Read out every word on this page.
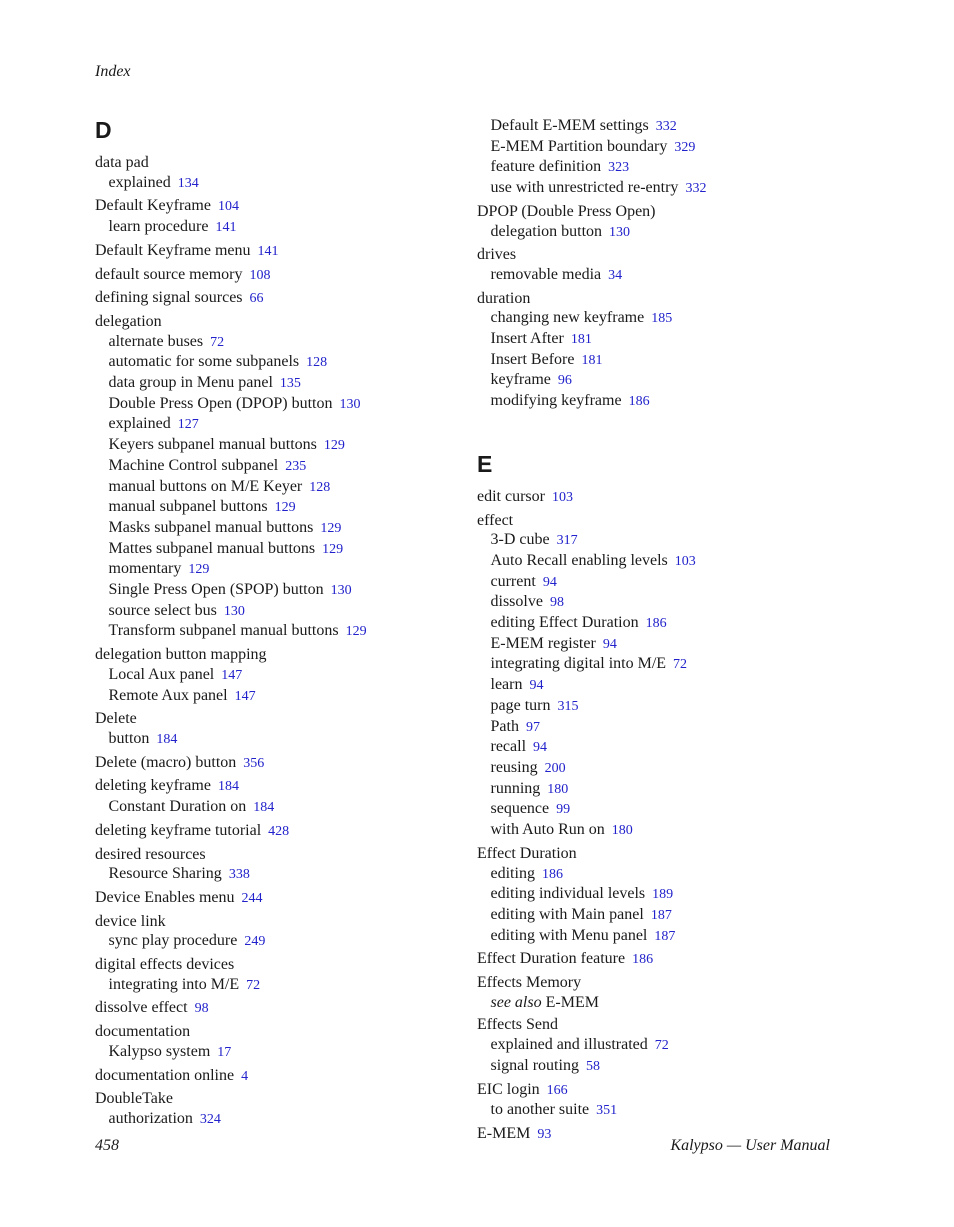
Index
D
data pad
explained 134
Default Keyframe 104
learn procedure 141
Default Keyframe menu 141
default source memory 108
defining signal sources 66
delegation
alternate buses 72
automatic for some subpanels 128
data group in Menu panel 135
Double Press Open (DPOP) button 130
explained 127
Keyers subpanel manual buttons 129
Machine Control subpanel 235
manual buttons on M/E Keyer 128
manual subpanel buttons 129
Masks subpanel manual buttons 129
Mattes subpanel manual buttons 129
momentary 129
Single Press Open (SPOP) button 130
source select bus 130
Transform subpanel manual buttons 129
delegation button mapping
Local Aux panel 147
Remote Aux panel 147
Delete
button 184
Delete (macro) button 356
deleting keyframe 184
Constant Duration on 184
deleting keyframe tutorial 428
desired resources
Resource Sharing 338
Device Enables menu 244
device link
sync play procedure 249
digital effects devices
integrating into M/E 72
dissolve effect 98
documentation
Kalypso system 17
documentation online 4
DoubleTake
authorization 324
Default E-MEM settings 332
E-MEM Partition boundary 329
feature definition 323
use with unrestricted re-entry 332
DPOP (Double Press Open)
delegation button 130
drives
removable media 34
duration
changing new keyframe 185
Insert After 181
Insert Before 181
keyframe 96
modifying keyframe 186
E
edit cursor 103
effect
3-D cube 317
Auto Recall enabling levels 103
current 94
dissolve 98
editing Effect Duration 186
E-MEM register 94
integrating digital into M/E 72
learn 94
page turn 315
Path 97
recall 94
reusing 200
running 180
sequence 99
with Auto Run on 180
Effect Duration
editing 186
editing individual levels 189
editing with Main panel 187
editing with Menu panel 187
Effect Duration feature 186
Effects Memory
see also E-MEM
Effects Send
explained and illustrated 72
signal routing 58
EIC login 166
to another suite 351
E-MEM 93
458	Kalypso — User Manual
